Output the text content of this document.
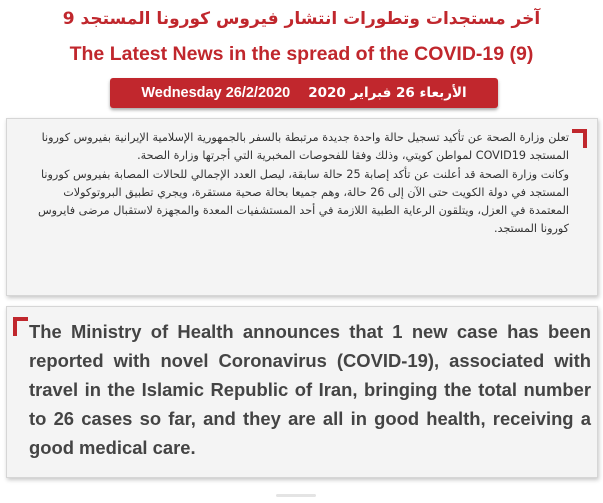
آخر مستجدات وتطورات انتشار فيروس كورونا المستجد 9
The Latest News in the spread of the COVID-19 (9)
Wednesday 26/2/2020 الأربعاء 26 فبراير 2020

تعلن وزارة الصحة عن تأكيد تسجيل حالة واحدة جديدة مرتبطة بالسفر بالجمهورية الإسلامية الإيرانية بفيروس كورونا المستجد COVID19 لمواطن كويتي، وذلك وفقا للفحوصات المخبرية التي أجرتها وزارة الصحة.

وكانت وزارة الصحة قد أعلنت عن تأكد إصابة 25 حالة سابقة، ليصل العدد الإجمالي للحالات المصابة بفيروس كورونا المستجد في دولة الكويت حتى الآن إلى 26 حالة، وهم جميعا بحالة صحية مستقرة، ويجري تطبيق البروتوكولات المعتمدة في العزل، ويتلقون الرعاية الطبية اللازمة في أحد المستشفيات المعدة والمجهزة لاستقبال مرضى فايروس كورونا المستجد.

The Ministry of Health announces that 1 new case has been reported with novel Coronavirus (COVID-19), associated with travel in the Islamic Republic of Iran, bringing the total number to 26 cases so far, and they are all in good health, receiving a good medical care.
